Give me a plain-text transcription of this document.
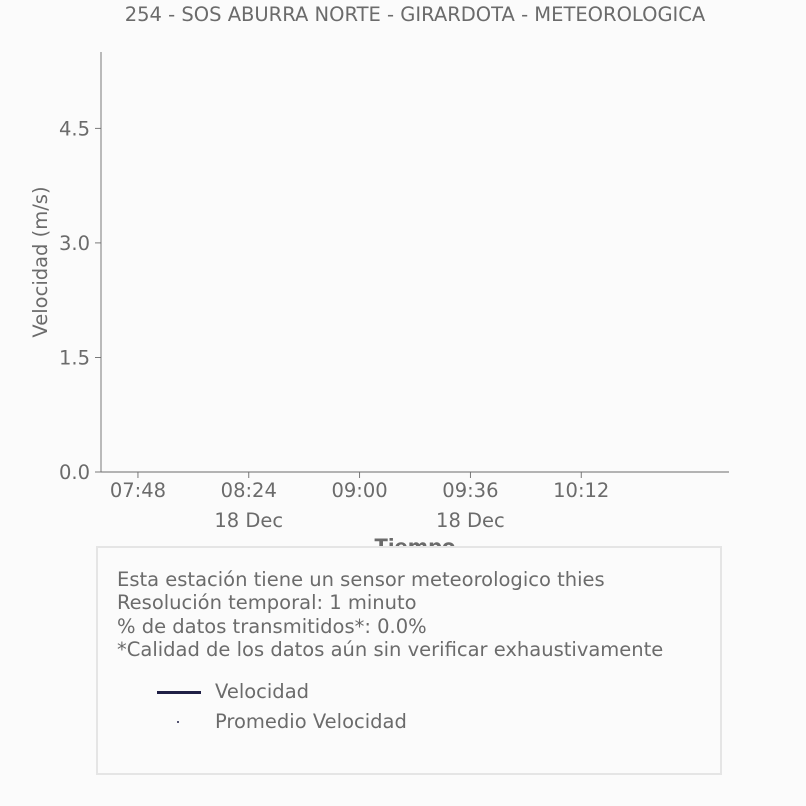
254 - SOS ABURRA NORTE - GIRARDOTA - METEOROLOGICA
0.0
1.5
3.0
4.5
07:48	08:24
18 Dec
09:00	09:36
18 Dec
10:12
Velocidad (m/s)
Esta estación tiene un sensor meteorologico thies
Resolución temporal: 1 minuto
% de datos transmitidos*: 0.0%
*Calidad de los datos aún sin verificar exhaustivamente
Velocidad
Promedio Velocidad
